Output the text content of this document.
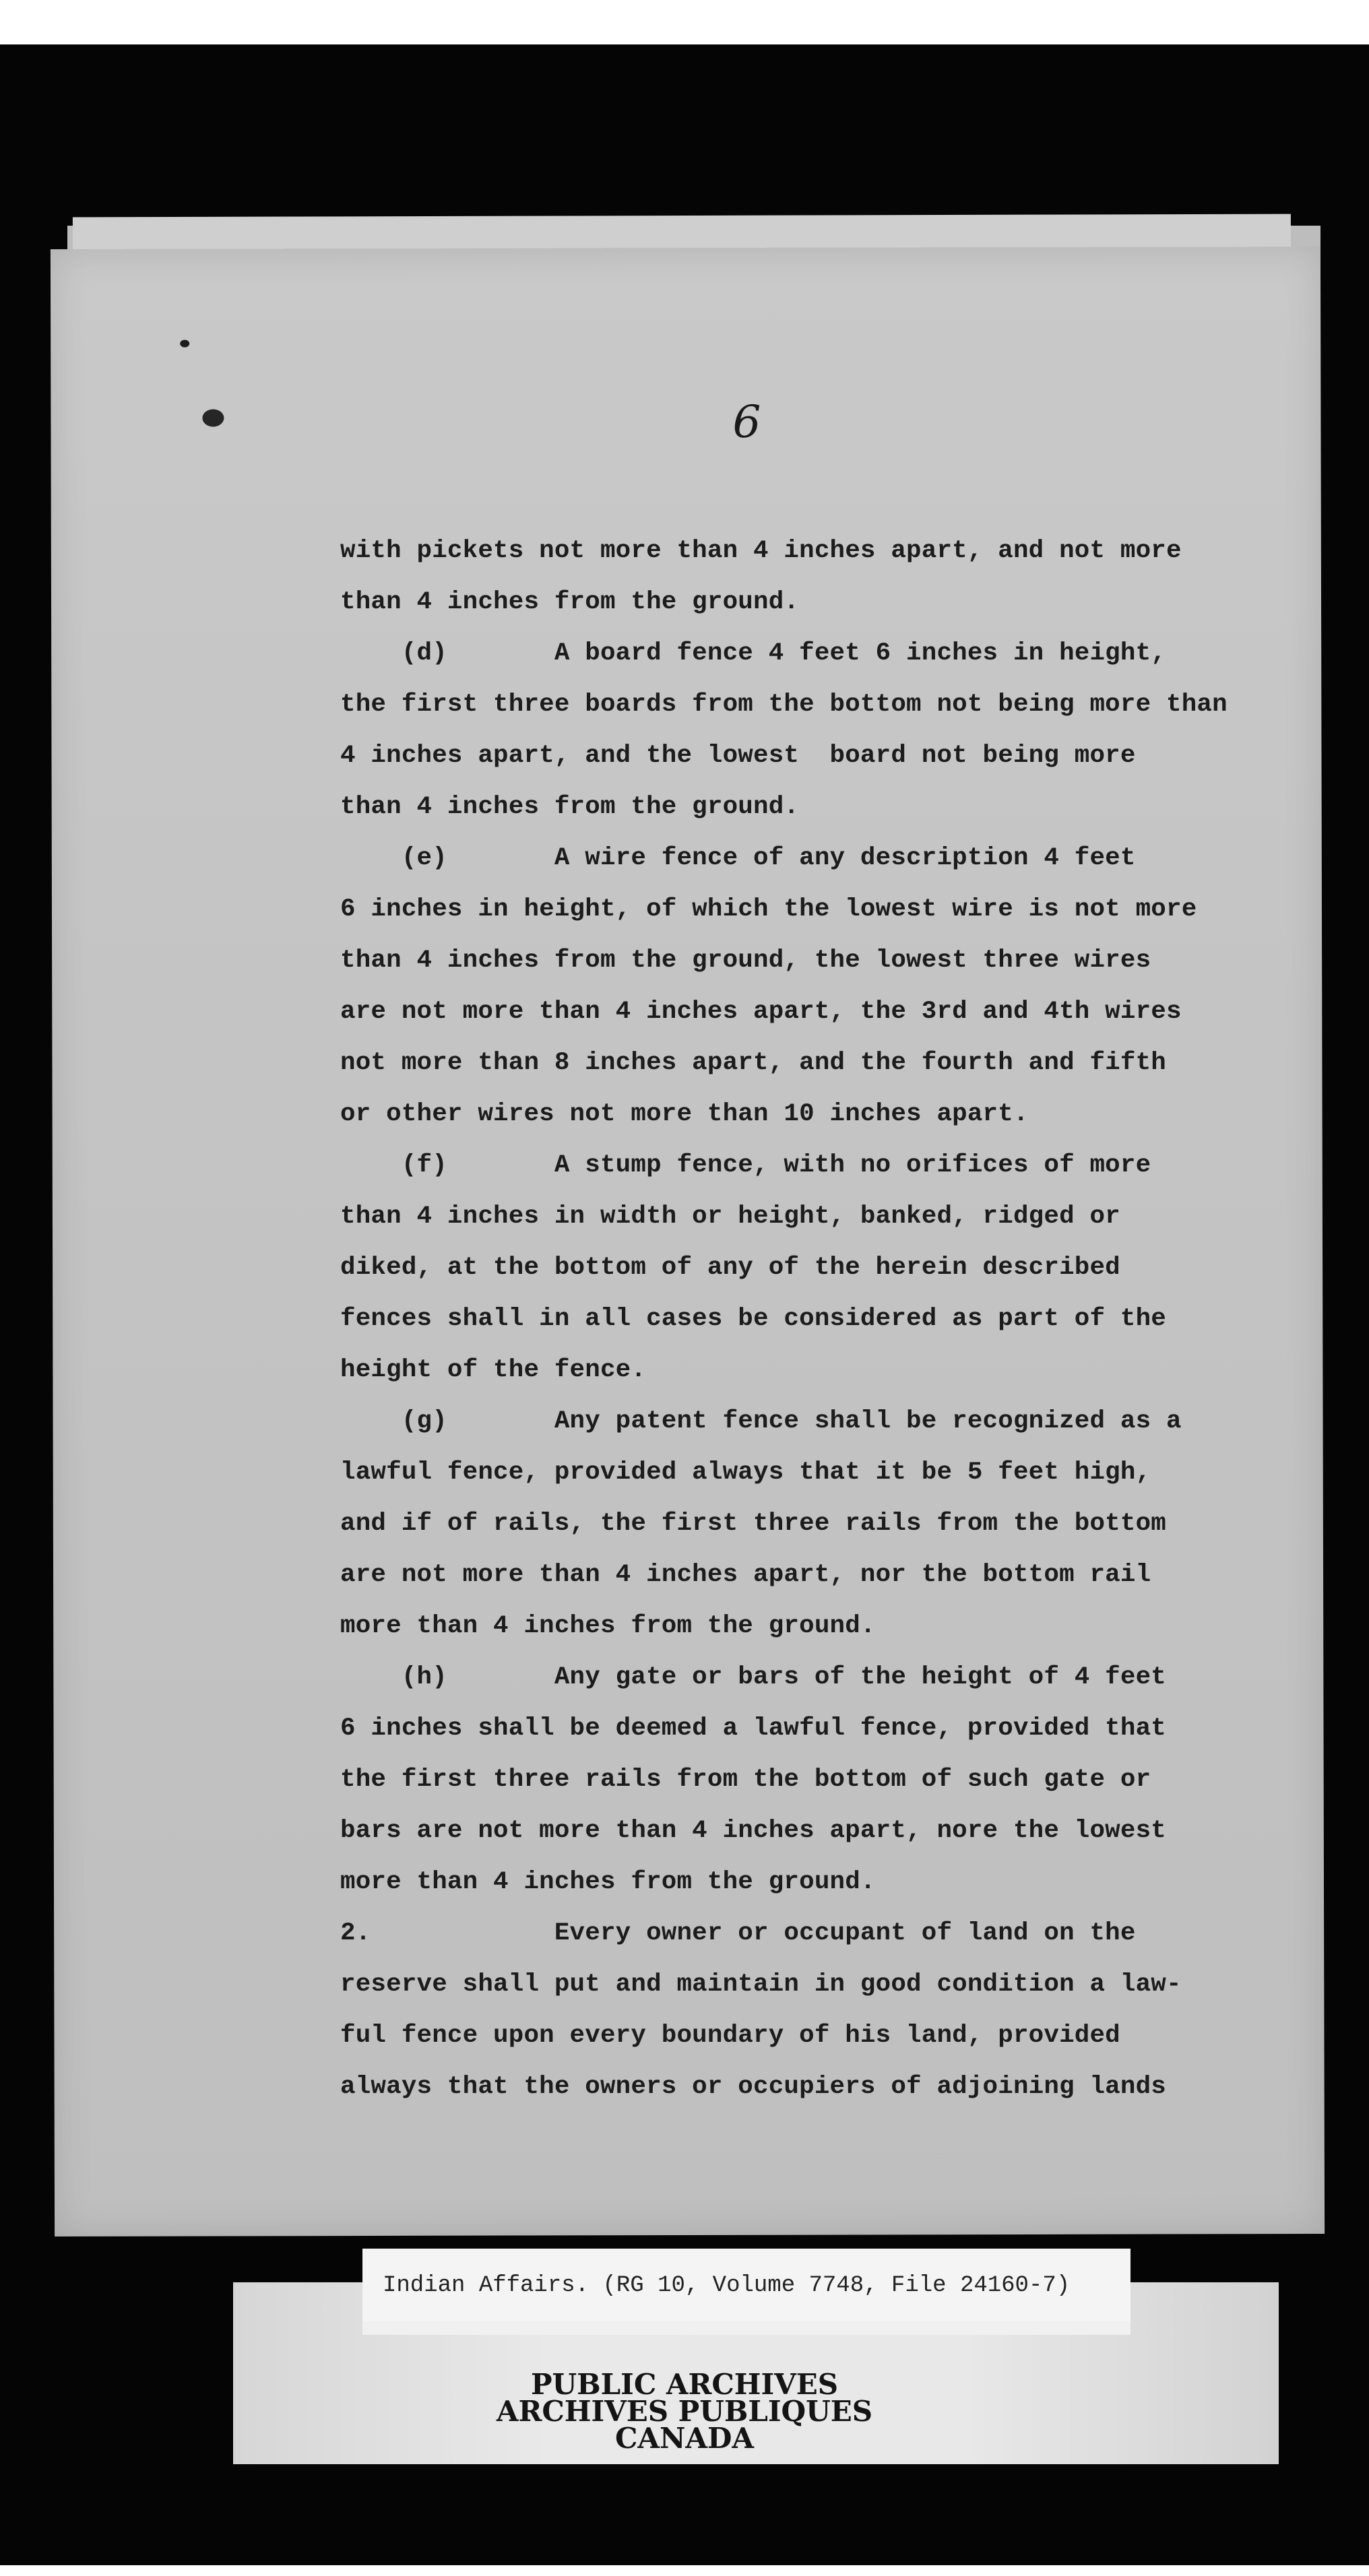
6
with pickets not more than 4 inches apart, and not more
than 4 inches from the ground.
(d)       A board fence 4 feet 6 inches in height,
the first three boards from the bottom not being more than
4 inches apart, and the lowest  board not being more
than 4 inches from the ground.
(e)       A wire fence of any description 4 feet
6 inches in height, of which the lowest wire is not more
than 4 inches from the ground, the lowest three wires
are not more than 4 inches apart, the 3rd and 4th wires
not more than 8 inches apart, and the fourth and fifth
or other wires not more than 10 inches apart.
(f)       A stump fence, with no orifices of more
than 4 inches in width or height, banked, ridged or
diked, at the bottom of any of the herein described
fences shall in all cases be considered as part of the
height of the fence.
(g)       Any patent fence shall be recognized as a
lawful fence, provided always that it be 5 feet high,
and if of rails, the first three rails from the bottom
are not more than 4 inches apart, nor the bottom rail
more than 4 inches from the ground.
(h)       Any gate or bars of the height of 4 feet
6 inches shall be deemed a lawful fence, provided that
the first three rails from the bottom of such gate or
bars are not more than 4 inches apart, nore the lowest
more than 4 inches from the ground.
2.            Every owner or occupant of land on the
reserve shall put and maintain in good condition a law-
ful fence upon every boundary of his land, provided
always that the owners or occupiers of adjoining lands
Indian Affairs. (RG 10, Volume 7748, File 24160-7)
PUBLIC ARCHIVES
ARCHIVES PUBLIQUES
CANADA
